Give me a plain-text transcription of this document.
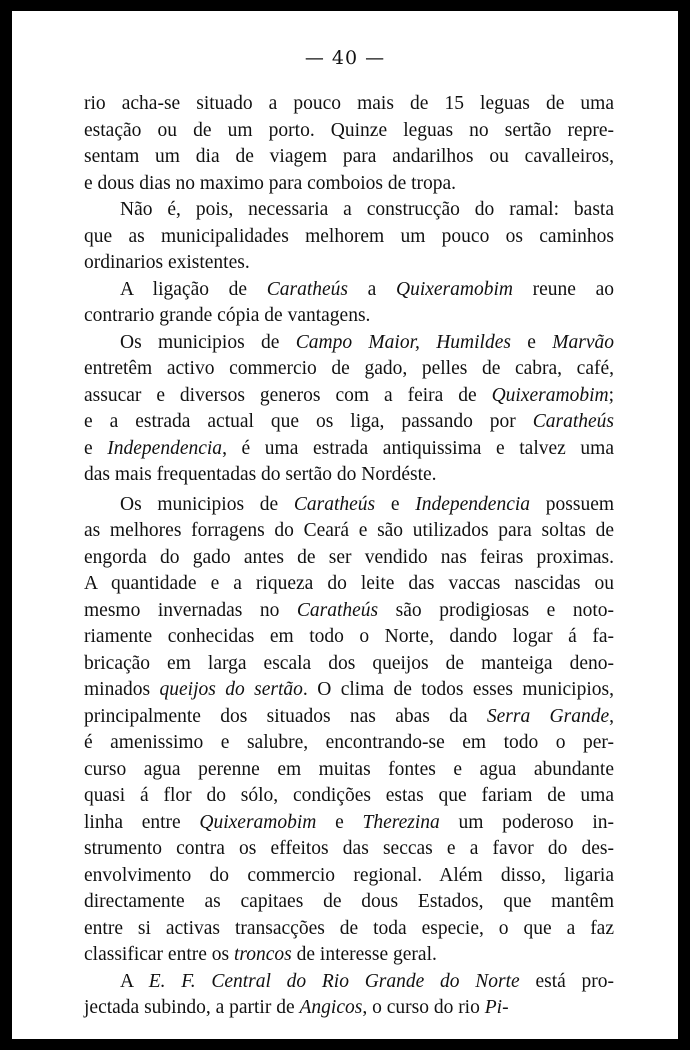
— 40 —
rio acha-se situado a pouco mais de 15 leguas de uma
estação ou de um porto. Quinze leguas no sertão repre-
sentam um dia de viagem para andarilhos ou cavalleiros,
e dous dias no maximo para comboios de tropa.
Não é, pois, necessaria a construcção do ramal: basta
que as municipalidades melhorem um pouco os caminhos
ordinarios existentes.
A ligação de Caratheús a Quixeramobim reune ao
contrario grande cópia de vantagens.
Os municipios de Campo Maior, Humildes e Marvão
entretêm activo commercio de gado, pelles de cabra, café,
assucar e diversos generos com a feira de Quixeramobim;
e a estrada actual que os liga, passando por Caratheús
e Independencia, é uma estrada antiquissima e talvez uma
das mais frequentadas do sertão do Nordéste.
Os municipios de Caratheús e Independencia possuem
as melhores forragens do Ceará e são utilizados para soltas de
engorda do gado antes de ser vendido nas feiras proximas.
A quantidade e a riqueza do leite das vaccas nascidas ou
mesmo invernadas no Caratheús são prodigiosas e noto-
riamente conhecidas em todo o Norte, dando logar á fa-
bricação em larga escala dos queijos de manteiga deno-
minados queijos do sertão. O clima de todos esses municipios,
principalmente dos situados nas abas da Serra Grande,
é amenissimo e salubre, encontrando-se em todo o per-
curso agua perenne em muitas fontes e agua abundante
quasi á flor do sólo, condições estas que fariam de uma
linha entre Quixeramobim e Therezina um poderoso in-
strumento contra os effeitos das seccas e a favor do des-
envolvimento do commercio regional. Além disso, ligaria
directamente as capitaes de dous Estados, que mantêm
entre si activas transacções de toda especie, o que a faz
classificar entre os troncos de interesse geral.
A E. F. Central do Rio Grande do Norte está pro-
jectada subindo, a partir de Angicos, o curso do rio Pi-
